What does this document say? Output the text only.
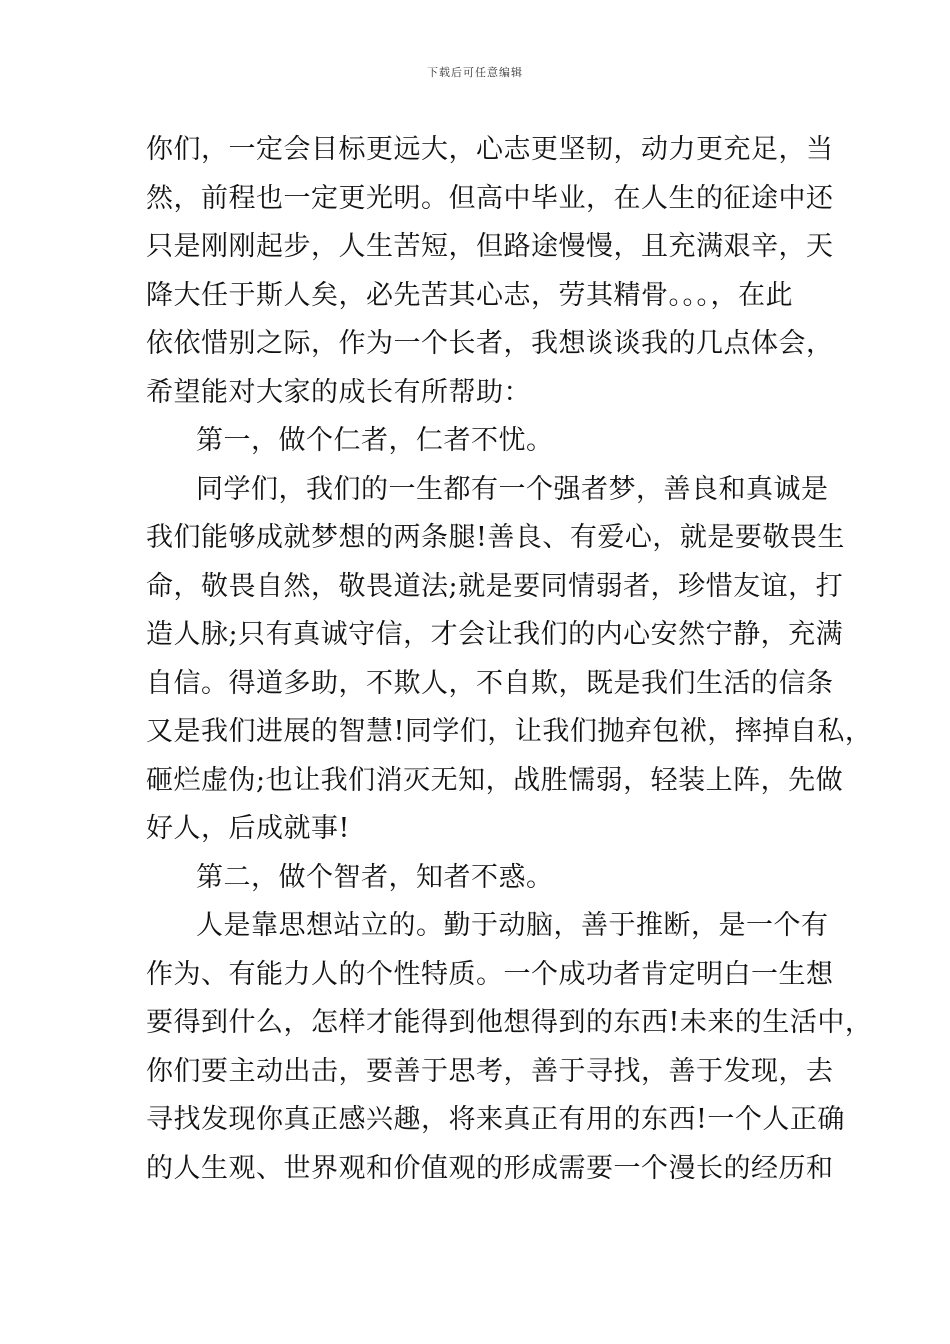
下载后可任意编辑
你们，一定会目标更远大，心志更坚韧，动力更充足，当
然，前程也一定更光明。但高中毕业，在人生的征途中还
只是刚刚起步，人生苦短，但路途慢慢，且充满艰辛，天
降大任于斯人矣，必先苦其心志，劳其精骨。。。，在此
依依惜别之际，作为一个长者，我想谈谈我的几点体会，
希望能对大家的成长有所帮助：
第一，做个仁者，仁者不忧。
同学们，我们的一生都有一个强者梦，善良和真诚是
我们能够成就梦想的两条腿!善良、有爱心，就是要敬畏生
命，敬畏自然，敬畏道法;就是要同情弱者，珍惜友谊，打
造人脉;只有真诚守信，才会让我们的内心安然宁静，充满
自信。得道多助，不欺人，不自欺，既是我们生活的信条
又是我们进展的智慧!同学们，让我们抛弃包袱，摔掉自私，
砸烂虚伪;也让我们消灭无知，战胜懦弱，轻装上阵，先做
好人，后成就事!
第二，做个智者，知者不惑。
人是靠思想站立的。勤于动脑，善于推断，是一个有
作为、有能力人的个性特质。一个成功者肯定明白一生想
要得到什么，怎样才能得到他想得到的东西!未来的生活中，
你们要主动出击，要善于思考，善于寻找，善于发现，去
寻找发现你真正感兴趣，将来真正有用的东西!一个人正确
的人生观、世界观和价值观的形成需要一个漫长的经历和
